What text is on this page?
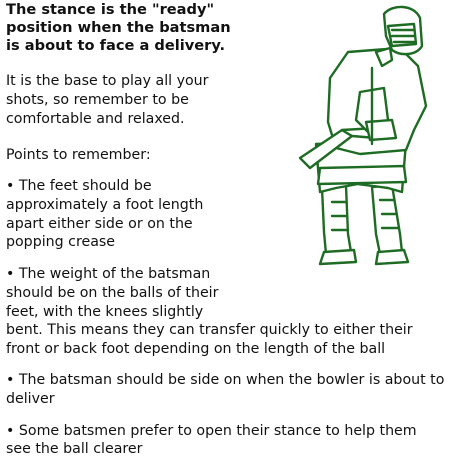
The stance is the "ready"
position when the batsman
is about to face a delivery.
It is the base to play all your
shots, so remember to be
comfortable and relaxed.
Points to remember:
• The feet should be
approximately a foot length
apart either side or on the
popping crease
• The weight of the batsman
should be on the balls of their
feet, with the knees slightly
bent. This means they can transfer quickly to either their
front or back foot depending on the length of the ball
• The batsman should be side on when the bowler is about to
deliver
• Some batsmen prefer to open their stance to help them
see the ball clearer
